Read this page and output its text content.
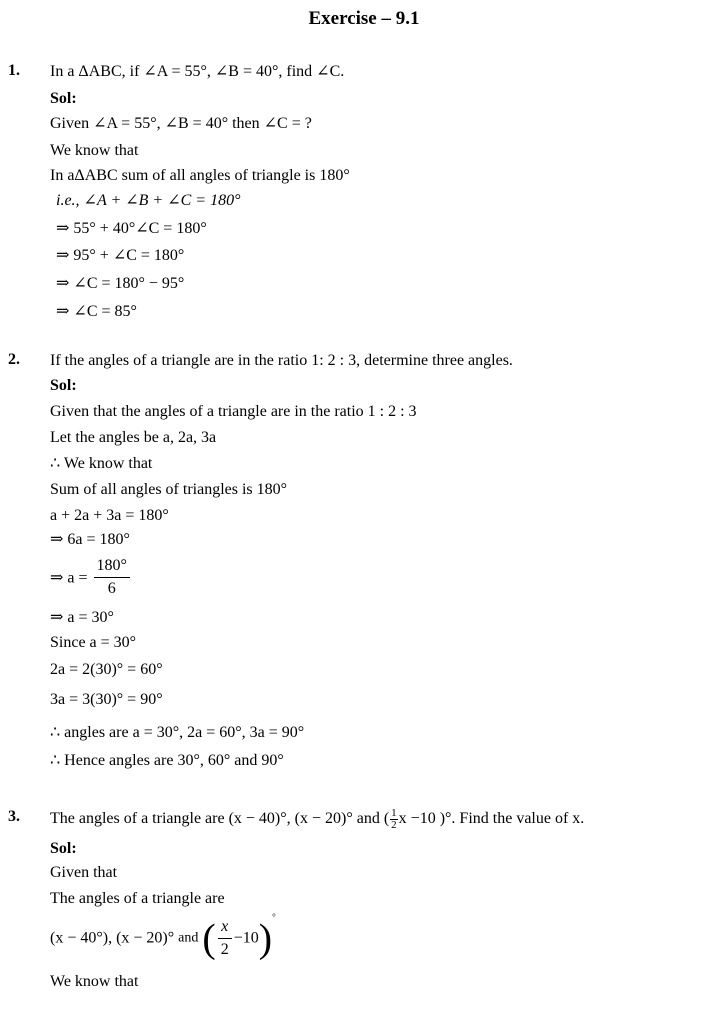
Exercise – 9.1
1. In a ΔABC, if ∠A = 55°, ∠B = 40°, find ∠C.
Sol:
Given ∠A = 55°, ∠B = 40° then ∠C = ?
We know that
In aΔABC sum of all angles of triangle is 180°
i.e., ∠A + ∠B + ∠C = 180°
⇒ 55° + 40°∠C = 180°
⇒ 95° + ∠C = 180°
⇒ ∠C = 180° − 95°
⇒ ∠C = 85°
2. If the angles of a triangle are in the ratio 1: 2 : 3, determine three angles.
Sol:
Given that the angles of a triangle are in the ratio 1 : 2 : 3
Let the angles be a, 2a, 3a
∴ We know that
Sum of all angles of triangles is 180°
a + 2a + 3a = 180°
⇒ 6a = 180°
⇒ $a = \frac{180^\circ}{6}$
⇒ a = 30°
Since a = 30°
2a = 2(30)° = 60°
3a = 3(30)° = 90°
∴ angles are a = 30°, 2a = 60°, 3a = 90°
∴ Hence angles are 30°, 60° and 90°
3. The angles of a triangle are (x − 40)°, (x − 20)° and ( $\frac{1}{2}$ x −10 )°. Find the value of x.
Sol:
Given that
The angles of a triangle are
(x − 40°), (x − 20)° and ( $\frac{x}{2} -10)^\circ$
We know that
